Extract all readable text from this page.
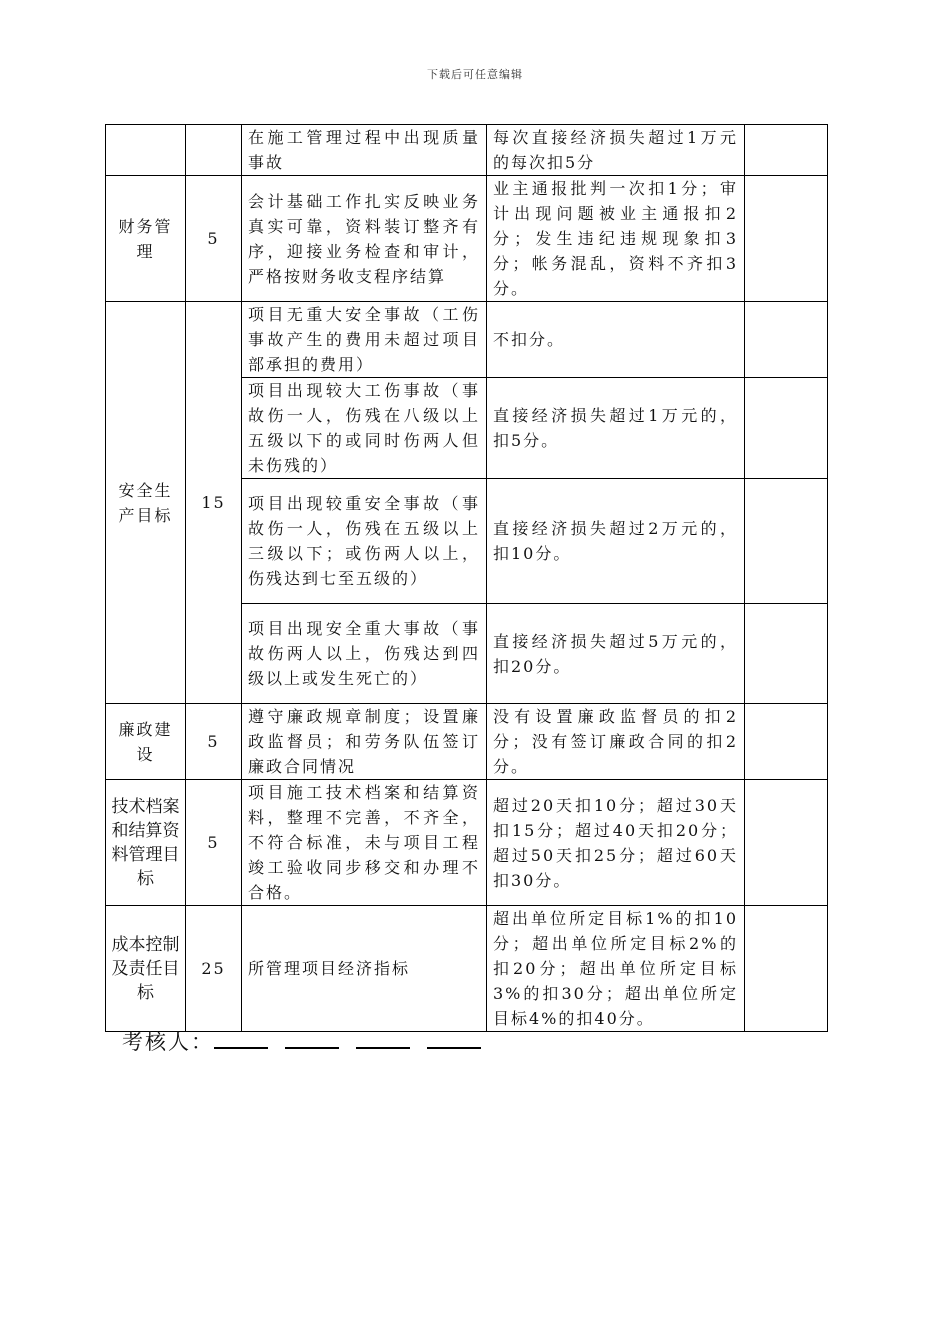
下载后可任意编辑
		在施工管理过程中出现质量事故	每次直接经济损失超过1万元的每次扣5分	
财务管理	5	会计基础工作扎实反映业务真实可靠，资料装订整齐有序，迎接业务检查和审计，严格按财务收支程序结算	业主通报批判一次扣1分；审计出现问题被业主通报扣2分；发生违纪违规现象扣3分；帐务混乱，资料不齐扣3分。	
安全生产目标	15	项目无重大安全事故（工伤事故产生的费用未超过项目部承担的费用）	不扣分。	
		项目出现较大工伤事故（事故伤一人，伤残在八级以上五级以下的或同时伤两人但未伤残的）	直接经济损失超过1万元的，扣5分。	
		项目出现较重安全事故（事故伤一人，伤残在五级以上三级以下；或伤两人以上，伤残达到七至五级的）	直接经济损失超过2万元的，扣10分。	
		项目出现安全重大事故（事故伤两人以上，伤残达到四级以上或发生死亡的）	直接经济损失超过5万元的，扣20分。	
廉政建设	5	遵守廉政规章制度；设置廉政监督员；和劳务队伍签订廉政合同情况	没有设置廉政监督员的扣2分；没有签订廉政合同的扣2分。	
技术档案和结算资料管理目标	5	项目施工技术档案和结算资料，整理不完善，不齐全，不符合标准，未与项目工程竣工验收同步移交和办理不合格。	超过20天扣10分；超过30天扣15分；超过40天扣20分；超过50天扣25分；超过60天扣30分。	
成本控制及责任目标	25	所管理项目经济指标	超出单位所定目标1%的扣10分；超出单位所定目标2%的扣20分；超出单位所定目标3%的扣30分；超出单位所定目标4%的扣40分。	
考核人：
